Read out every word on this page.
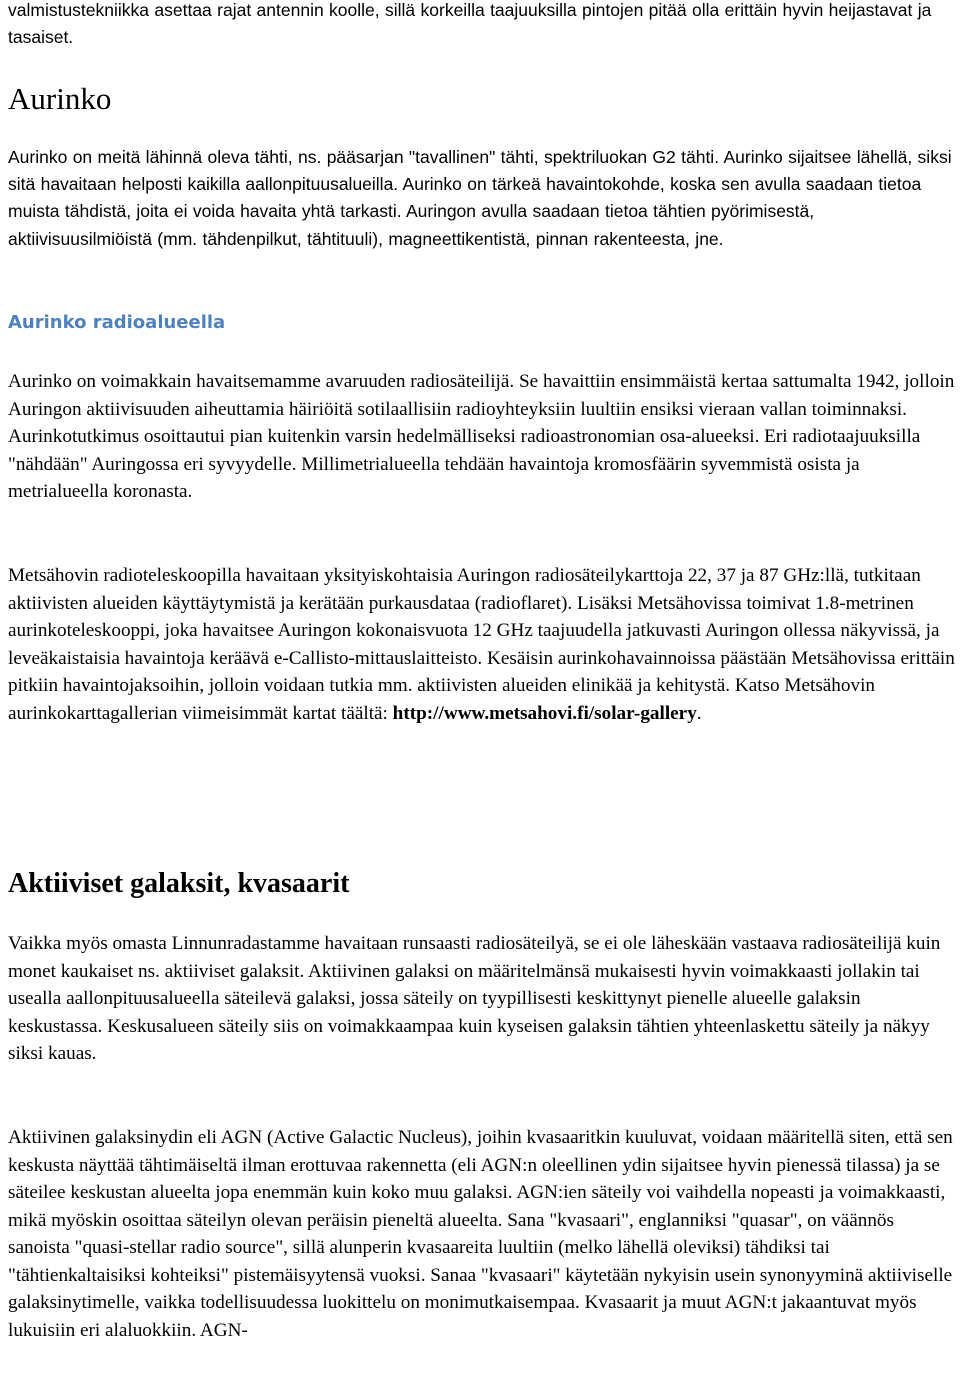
valmistustekniikka asettaa rajat antennin koolle, sillä korkeilla taajuuksilla pintojen pitää olla erittäin hyvin heijastavat ja tasaiset.

Aurinko

Aurinko on meitä lähinnä oleva tähti, ns. pääsarjan "tavallinen" tähti, spektriluokan G2 tähti. Aurinko sijaitsee lähellä, siksi sitä havaitaan helposti kaikilla aallonpituusalueilla. Aurinko on tärkeä havaintokohde, koska sen avulla saadaan tietoa muista tähdistä, joita ei voida havaita yhtä tarkasti. Auringon avulla saadaan tietoa tähtien pyörimisestä, aktiivisuusilmiöistä (mm. tähdenpilkut, tähtituuli), magneettikentistä, pinnan rakenteesta, jne.

Aurinko radioalueella

Aurinko on voimakkain havaitsemamme avaruuden radiosäteilijä. Se havaittiin ensimmäistä kertaa sattumalta 1942, jolloin Auringon aktiivisuuden aiheuttamia häiriöitä sotilaallisiin radioyhteyksiin luultiin ensiksi vieraan vallan toiminnaksi. Aurinkotutkimus osoittautui pian kuitenkin varsin hedelmälliseksi radioastronomian osa-alueeksi. Eri radiotaajuuksilla "nähdään" Auringossa eri syvyydelle. Millimetrialueella tehdään havaintoja kromosfäärin syvemmistä osista ja metrialueella koronasta.

Metsähovin radioteleskoopilla havaitaan yksityiskohtaisia Auringon radiosäteilykarttoja 22, 37 ja 87 GHz:llä, tutkitaan aktiivisten alueiden käyttäytymistä ja kerätään purkausdataa (radioflaret). Lisäksi Metsähovissa toimivat 1.8-metrinen aurinkoteleskooppi, joka havaitsee Auringon kokonaisvuota 12 GHz taajuudella jatkuvasti Auringon ollessa näkyvissä, ja leveäkaistaisia havaintoja keräävä e-Callisto-mittauslaitteisto. Kesäisin aurinkohavainnoissa päästään Metsähovissa erittäin pitkiin havaintojaksoihin, jolloin voidaan tutkia mm. aktiivisten alueiden elinikää ja kehitystä. Katso Metsähovin aurinkokarttagallerian viimeisimmät kartat täältä: http://www.metsahovi.fi/solar-gallery.

Aktiiviset galaksit, kvasaarit

Vaikka myös omasta Linnunradastamme havaitaan runsaasti radiosäteilyä, se ei ole läheskään vastaava radiosäteilijä kuin monet kaukaiset ns. aktiiviset galaksit. Aktiivinen galaksi on määritelmänsä mukaisesti hyvin voimakkaasti jollakin tai usealla aallonpituusalueella säteilevä galaksi, jossa säteily on tyypillisesti keskittynyt pienelle alueelle galaksin keskustassa. Keskusalueen säteily siis on voimakkaampaa kuin kyseisen galaksin tähtien yhteenlaskettu säteily ja näkyy siksi kauas.

Aktiivinen galaksinydin eli AGN (Active Galactic Nucleus), joihin kvasaaritkin kuuluvat, voidaan määritellä siten, että sen keskusta näyttää tähtimäiseltä ilman erottuvaa rakennetta (eli AGN:n oleellinen ydin sijaitsee hyvin pienessä tilassa) ja se säteilee keskustan alueelta jopa enemmän kuin koko muu galaksi. AGN:ien säteily voi vaihdella nopeasti ja voimakkaasti, mikä myöskin osoittaa säteilyn olevan peräisin pieneltä alueelta. Sana "kvasaari", englanniksi "quasar", on väännös sanoista "quasi-stellar radio source", sillä alunperin kvasaareita luultiin (melko lähellä oleviksi) tähdiksi tai "tähtienkaltaisiksi kohteiksi" pistemäisyytensä vuoksi. Sanaa "kvasaari" käytetään nykyisin usein synonyyminä aktiiviselle galaksinytimelle, vaikka todellisuudessa luokittelu on monimutkaisempaa. Kvasaarit ja muut AGN:t jakaantuvat myös lukuisiin eri alaluokkiin. AGN-
